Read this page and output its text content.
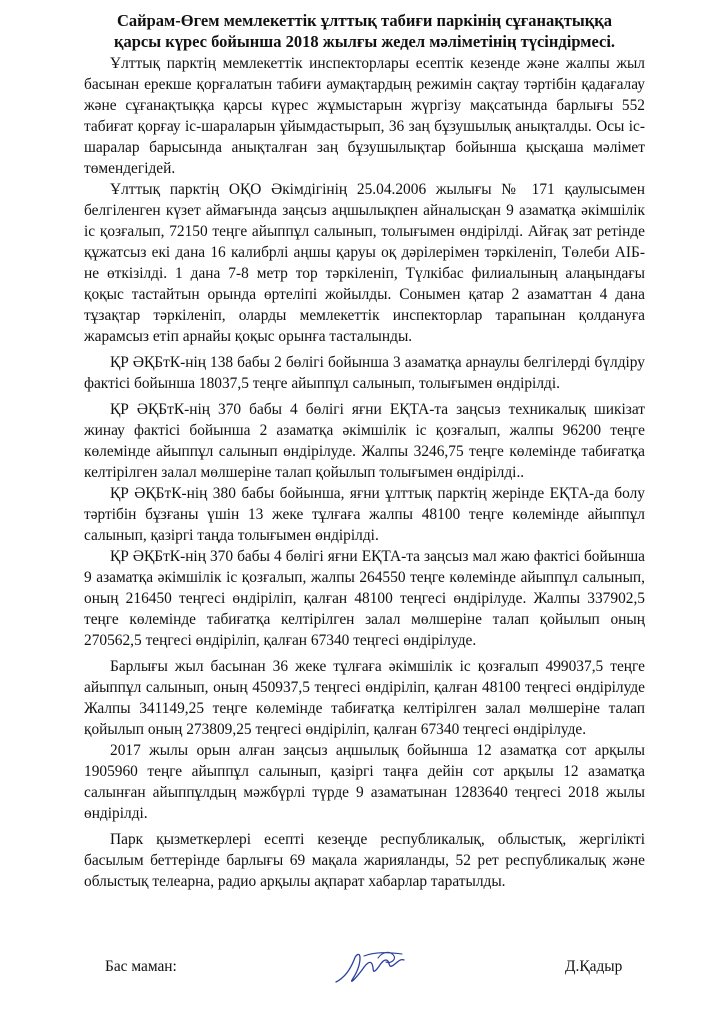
Сайрам-Өгем мемлекеттік ұлттық табиғи паркінің сұғанақтыққа
қарсы күрес бойынша 2018 жылғы жедел мәліметінің түсіндірмесі.

Ұлттық парктің мемлекеттік инспекторлары есептік кезенде және жалпы жыл басынан ерекше қорғалатын табиғи аумақтардың режимін сақтау тәртібін қадағалау және сұғанақтыққа қарсы күрес жұмыстарын жүргізу мақсатында барлығы 552 табиғат қорғау іс-шараларын ұйымдастырып, 36 заң бұзушылық анықталды. Осы іс-шаралар барысында анықталған заң бұзушылықтар бойынша қысқаша мәлімет төмендегідей.

Ұлттық парктің ОҚО Әкімдігінің 25.04.2006 жылығы № 171 қаулысымен белгіленген күзет аймағында заңсыз аңшылықпен айналысқан 9 азаматқа әкімшілік іс қозғалып, 72150 теңге айыппұл салынып, толығымен өндірілді. Айғақ зат ретінде құжатсыз екі дана 16 калибрлі аңшы қаруы оқ дәрілерімен тәркіленіп, Төлеби АІБ-не өткізілді. 1 дана 7-8 метр тор тәркіленіп, Түлкібас филиалының алаңындағы қоқыс тастайтын орында өртеліпі жойылды. Сонымен қатар 2 азаматтан 4 дана тұзақтар тәркіленіп, оларды мемлекеттік инспекторлар тарапынан қолдануға жарамсыз етіп арнайы қоқыс орынға тасталынды.

ҚР ӘҚБтК-нің 138 бабы 2 бөлігі бойынша 3 азаматқа арнаулы белгілерді бүлдіру фактісі бойынша 18037,5 теңге айыппұл салынып, толығымен өндірілді.

ҚР ӘҚБтК-нің 370 бабы 4 бөлігі яғни ЕҚТА-та заңсыз техникалық шикізат жинау фактісі бойынша 2 азаматқа әкімшілік іс қозғалып, жалпы 96200 теңге көлемінде айыппұл салынып өндірілуде. Жалпы 3246,75 теңге көлемінде табиғатқа келтірілген залал мөлшеріне талап қойылып толығымен өндірілді..

ҚР ӘҚБтК-нің 380 бабы бойынша, яғни ұлттық парктің жерінде ЕҚТА-да болу тәртібін бұзғаны үшін 13 жеке тұлғаға жалпы 48100 теңге көлемінде айыппұл салынып, қазіргі таңда толығымен өндірілді.

ҚР ӘҚБтК-нің 370 бабы 4 бөлігі яғни ЕҚТА-та заңсыз мал жаю фактісі бойынша 9 азаматқа әкімшілік іс қозғалып, жалпы 264550 теңге көлемінде айыппұл салынып, оның 216450 теңгесі өндіріліп, қалған 48100 теңгесі өндірілуде. Жалпы 337902,5 теңге көлемінде табиғатқа келтірілген залал мөлшеріне талап қойылып оның 270562,5 теңгесі өндіріліп, қалған 67340 теңгесі өндірілуде.

Барлығы жыл басынан 36 жеке тұлғаға әкімшілік іс қозғалып 499037,5 теңге айыппұл салынып, оның 450937,5 теңгесі өндіріліп, қалған 48100 теңгесі өндірілуде Жалпы 341149,25 теңге көлемінде табиғатқа келтірілген залал мөлшеріне талап қойылып оның 273809,25 теңгесі өндіріліп, қалған 67340 теңгесі өндірілуде.

2017 жылы орын алған заңсыз аңшылық бойынша 12 азаматқа сот арқылы 1905960 теңге айыппұл салынып, қазіргі таңға дейін сот арқылы 12 азаматқа салынған айыппұлдың мәжбүрлі түрде 9 азаматынан 1283640 теңгесі 2018 жылы өндірілді.

Парк қызметкерлері есепті кезеңде республикалық, облыстық, жергілікті басылым беттерінде барлығы 69 мақала жарияланды, 52 рет республикалық және облыстық телеарна, радио арқылы ақпарат хабарлар таратылды.

Бас маман:	Д.Қадыр
